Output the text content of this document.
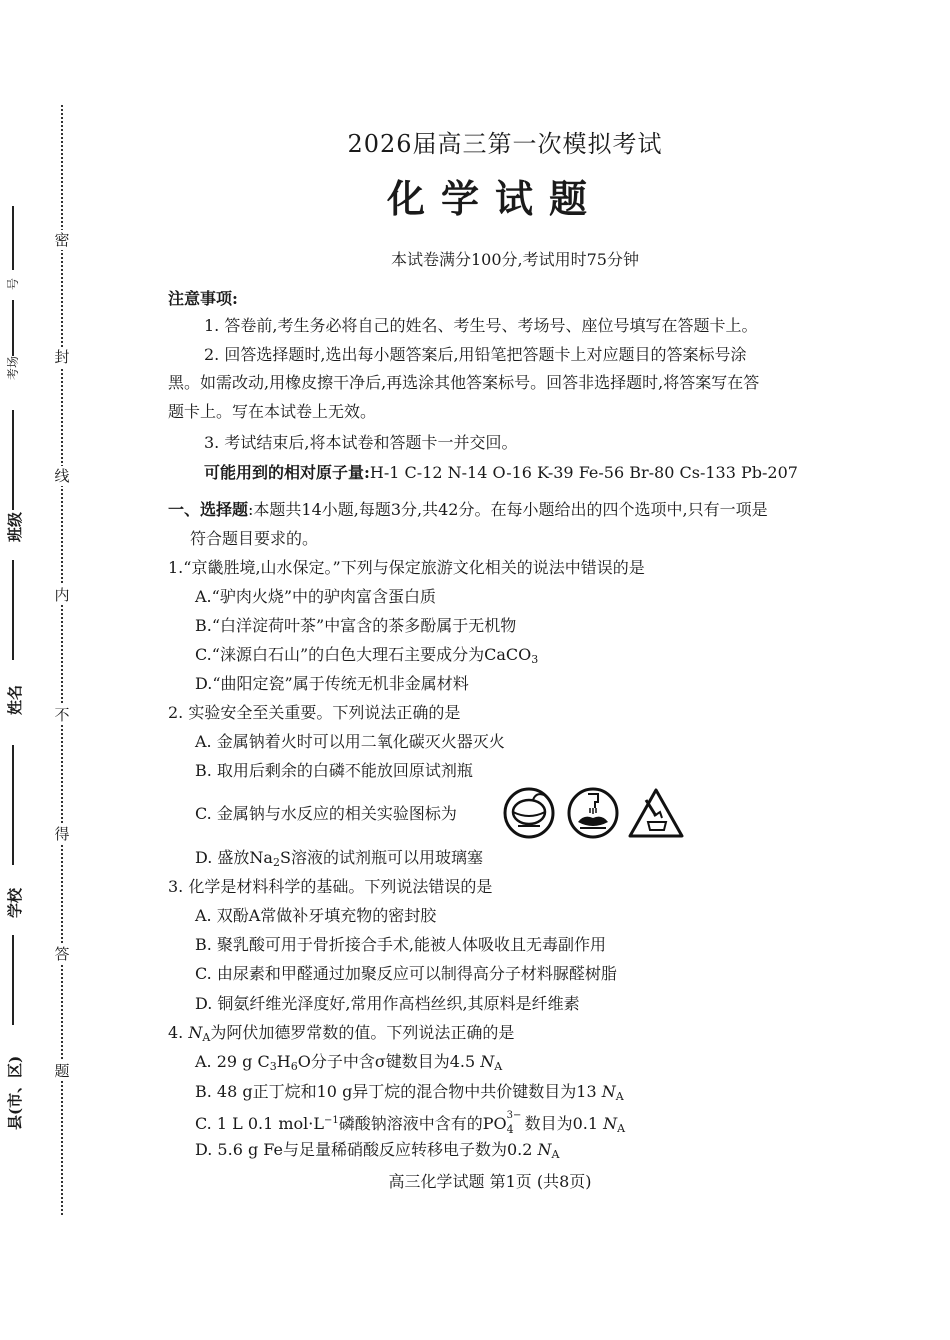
密
封
线
内
不
得
答
题
县(市、区)
学校
姓名
班级
考场
号
2026届高三第一次模拟考试
化学试题
本试卷满分100分,考试用时75分钟
注意事项:
1. 答卷前,考生务必将自己的姓名、考生号、考场号、座位号填写在答题卡上。
2. 回答选择题时,选出每小题答案后,用铅笔把答题卡上对应题目的答案标号涂
黑。如需改动,用橡皮擦干净后,再选涂其他答案标号。回答非选择题时,将答案写在答
题卡上。写在本试卷上无效。
3. 考试结束后,将本试卷和答题卡一并交回。
可能用到的相对原子量:H-1 C-12 N-14 O-16 K-39 Fe-56 Br-80 Cs-133 Pb-207
一、选择题:本题共14小题,每题3分,共42分。在每小题给出的四个选项中,只有一项是
符合题目要求的。
1.“京畿胜境,山水保定。”下列与保定旅游文化相关的说法中错误的是
A.“驴肉火烧”中的驴肉富含蛋白质
B.“白洋淀荷叶茶”中富含的茶多酚属于无机物
C.“涞源白石山”的白色大理石主要成分为CaCO$_3$
D.“曲阳定瓷”属于传统无机非金属材料
2. 实验安全至关重要。下列说法正确的是
A. 金属钠着火时可以用二氧化碳灭火器灭火
B. 取用后剩余的白磷不能放回原试剂瓶
C. 金属钠与水反应的相关实验图标为
D. 盛放$Na_2S$溶液的试剂瓶可以用玻璃塞
3. 化学是材料科学的基础。下列说法错误的是
A. 双酚A常做补牙填充物的密封胶
B. 聚乳酸可用于骨折接合手术,能被人体吸收且无毒副作用
C. 由尿素和甲醛通过加聚反应可以制得高分子材料脲醛树脂
D. 铜氨纤维光泽度好,常用作高档丝织,其原料是纤维素
4. $N_A$为阿伏加德罗常数的值。下列说法正确的是
A. 29 g $C_3H_6O$分子中含σ键数目为4.5 $N_A$
B. 48 g正丁烷和10 g异丁烷的混合物中共价键数目为13 $N_A$
C. 1 L 0.1 $mol\cdot L^{-1}$磷酸钠溶液中含有的PO 3−
4 数目为0.1 $N_A$
D. 5.6 g Fe与足量稀硝酸反应转移电子数为0.2 $N_A$
高三化学试题 第1页 (共8页)
